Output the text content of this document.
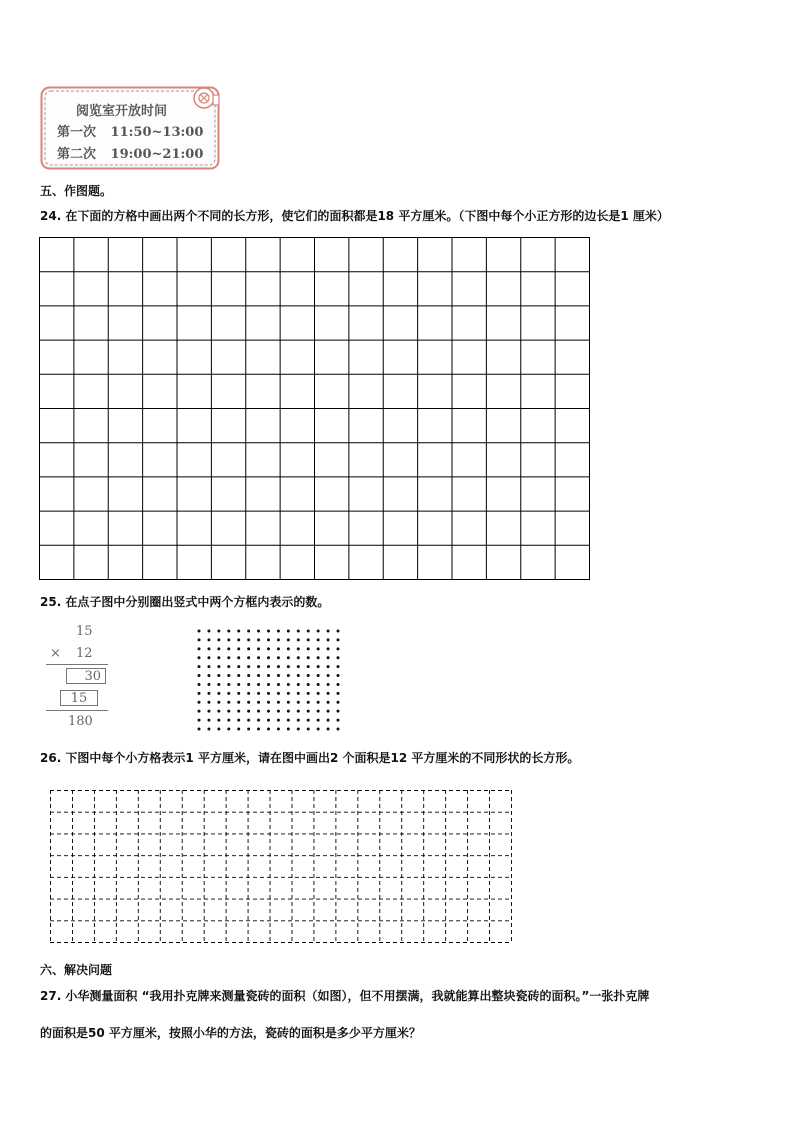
阅览室开放时间
第一次 11:50~13:00
第二次 19:00~21:00
五、作图题。
24. 在下面的方格中画出两个不同的长方形，使它们的面积都是18 平方厘米。（下图中每个小正方形的边长是1 厘米）
25. 在点子图中分别圈出竖式中两个方框内表示的数。
15
× 12
30
15
180
26. 下图中每个小方格表示1 平方厘米，请在图中画出2 个面积是12 平方厘米的不同形状的长方形。
六、解决问题
27. 小华测量面积 “我用扑克牌来测量瓷砖的面积（如图），但不用摆满，我就能算出整块瓷砖的面积。”一张扑克牌
的面积是50 平方厘米，按照小华的方法，瓷砖的面积是多少平方厘米？
